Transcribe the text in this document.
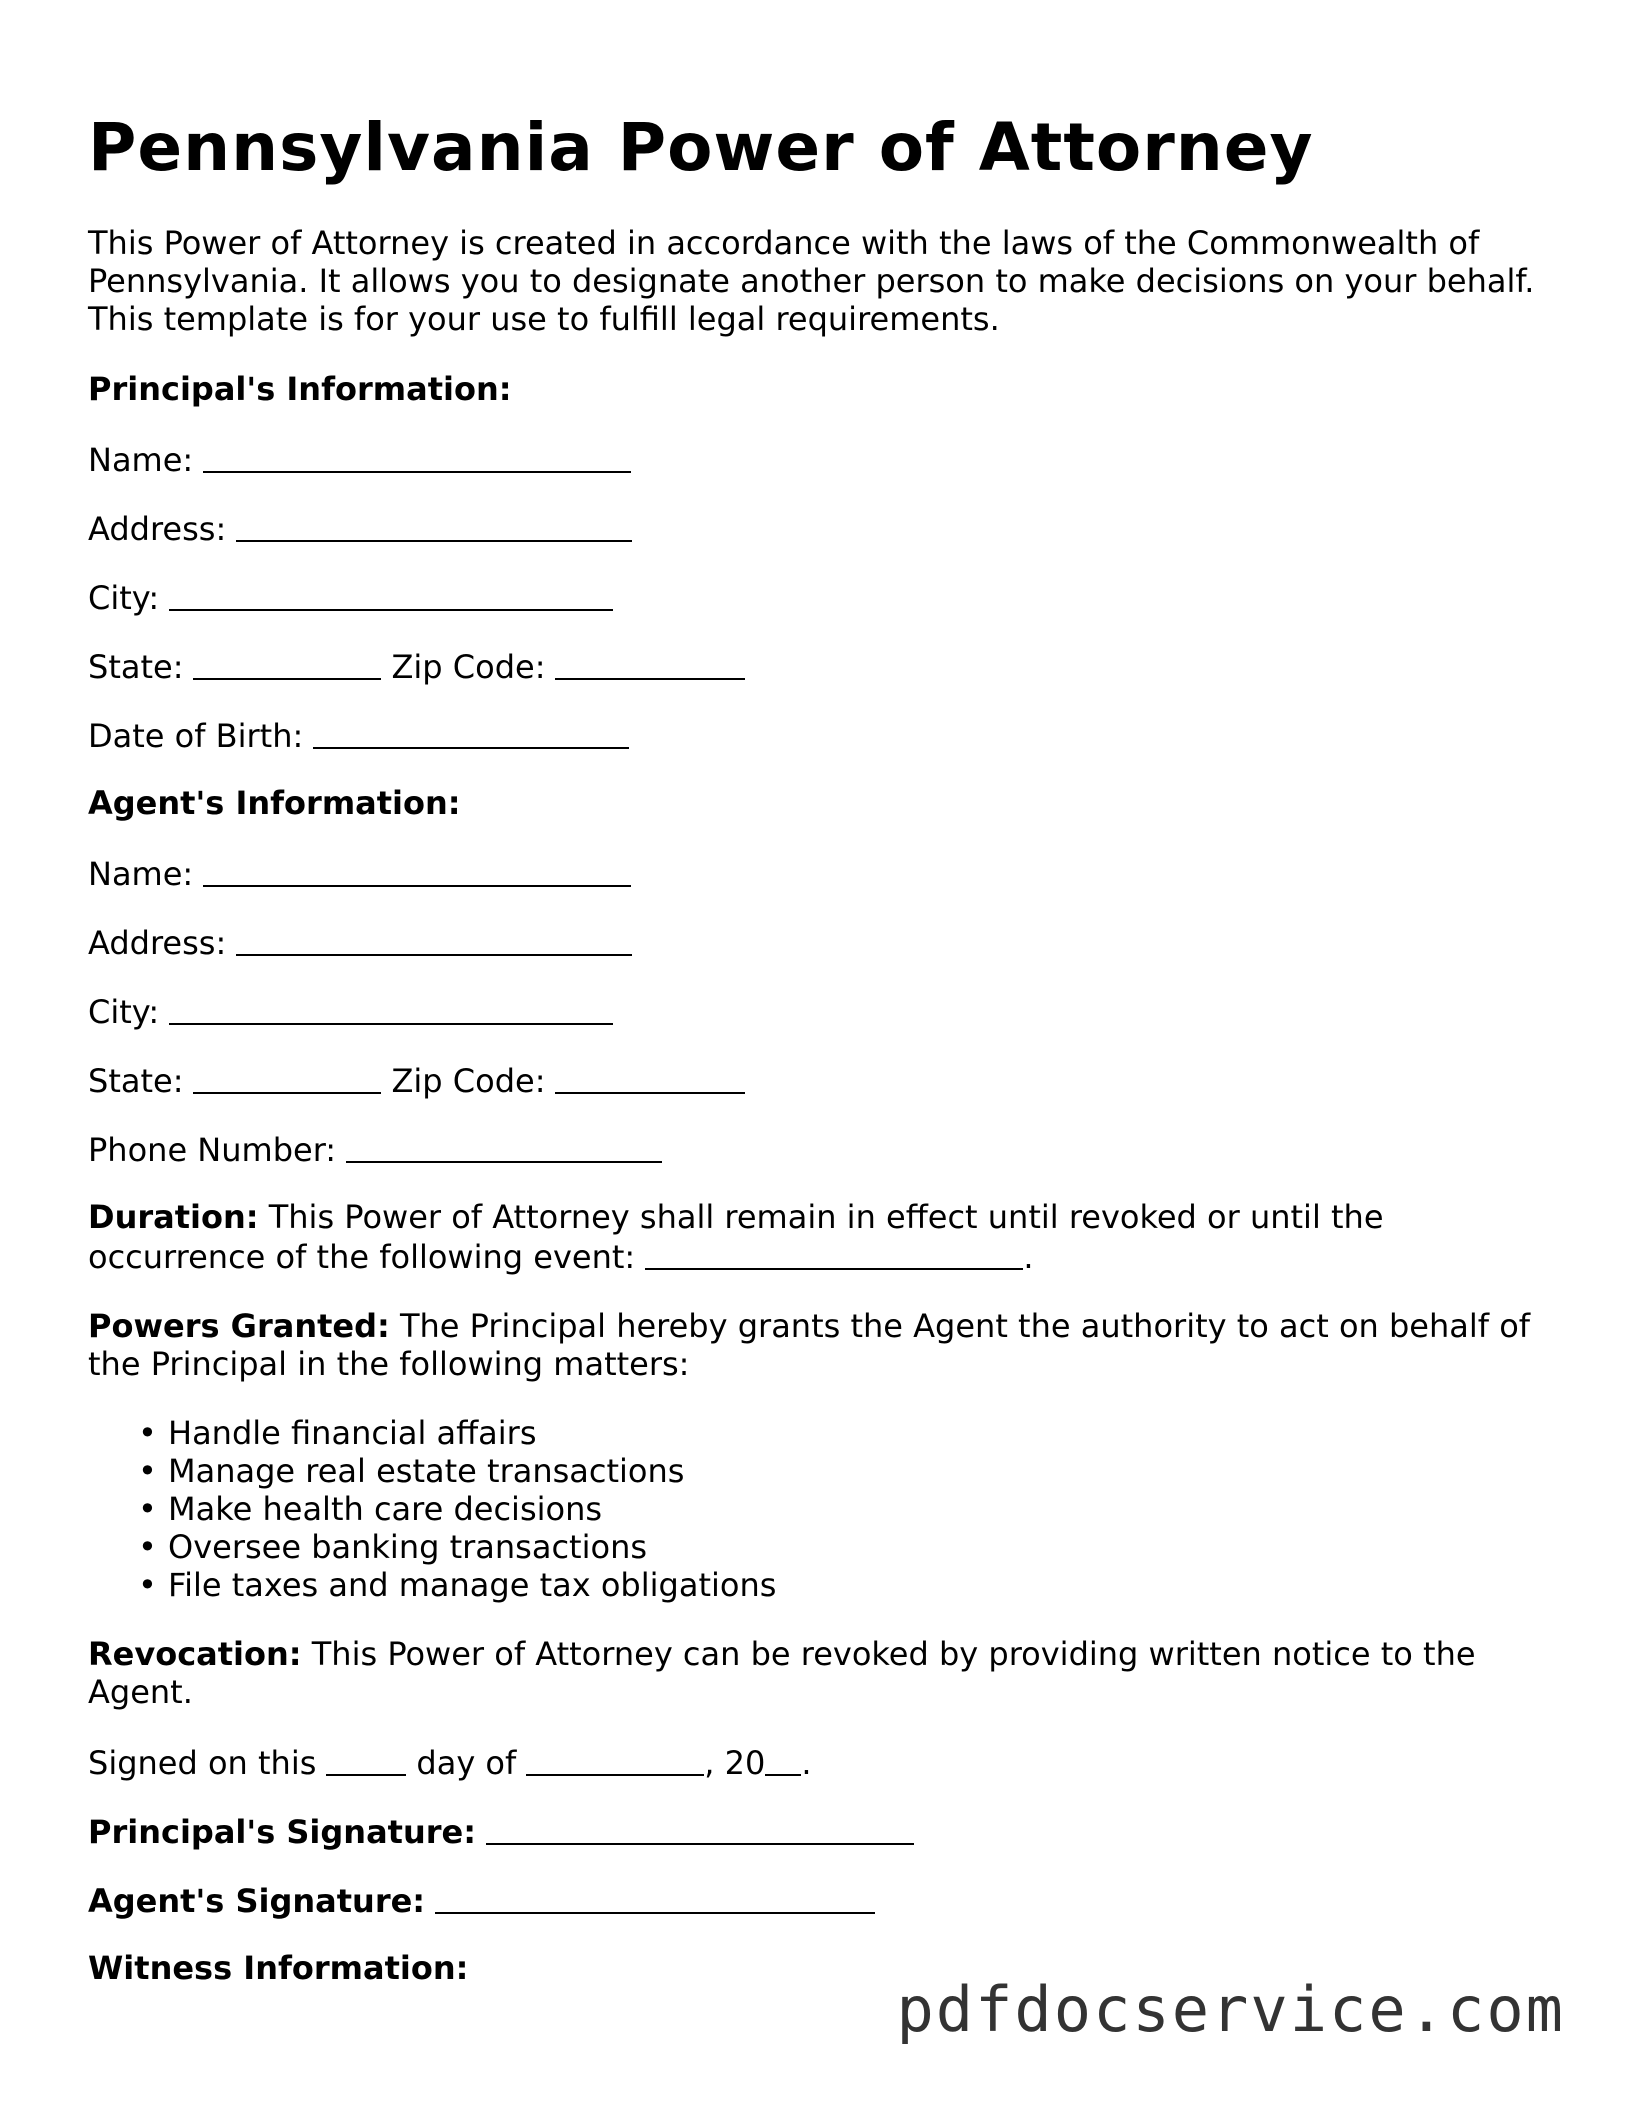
Pennsylvania Power of Attorney

This Power of Attorney is created in accordance with the laws of the Commonwealth of Pennsylvania. It allows you to designate another person to make decisions on your behalf. This template is for your use to fulfill legal requirements.

Principal's Information:

Name:
Address:
City:
State:	Zip Code:
Date of Birth:

Agent's Information:

Name:
Address:
City:
State:	Zip Code:
Phone Number:

Duration: This Power of Attorney shall remain in effect until revoked or until the occurrence of the following event:	.

Powers Granted: The Principal hereby grants the Agent the authority to act on behalf of the Principal in the following matters:

• Handle financial affairs
• Manage real estate transactions
• Make health care decisions
• Oversee banking transactions
• File taxes and manage tax obligations

Revocation: This Power of Attorney can be revoked by providing written notice to the Agent.

Signed on this	day of	, 20 .
Principal's Signature:
Agent's Signature:

Witness Information:

pdfdocservice.com
